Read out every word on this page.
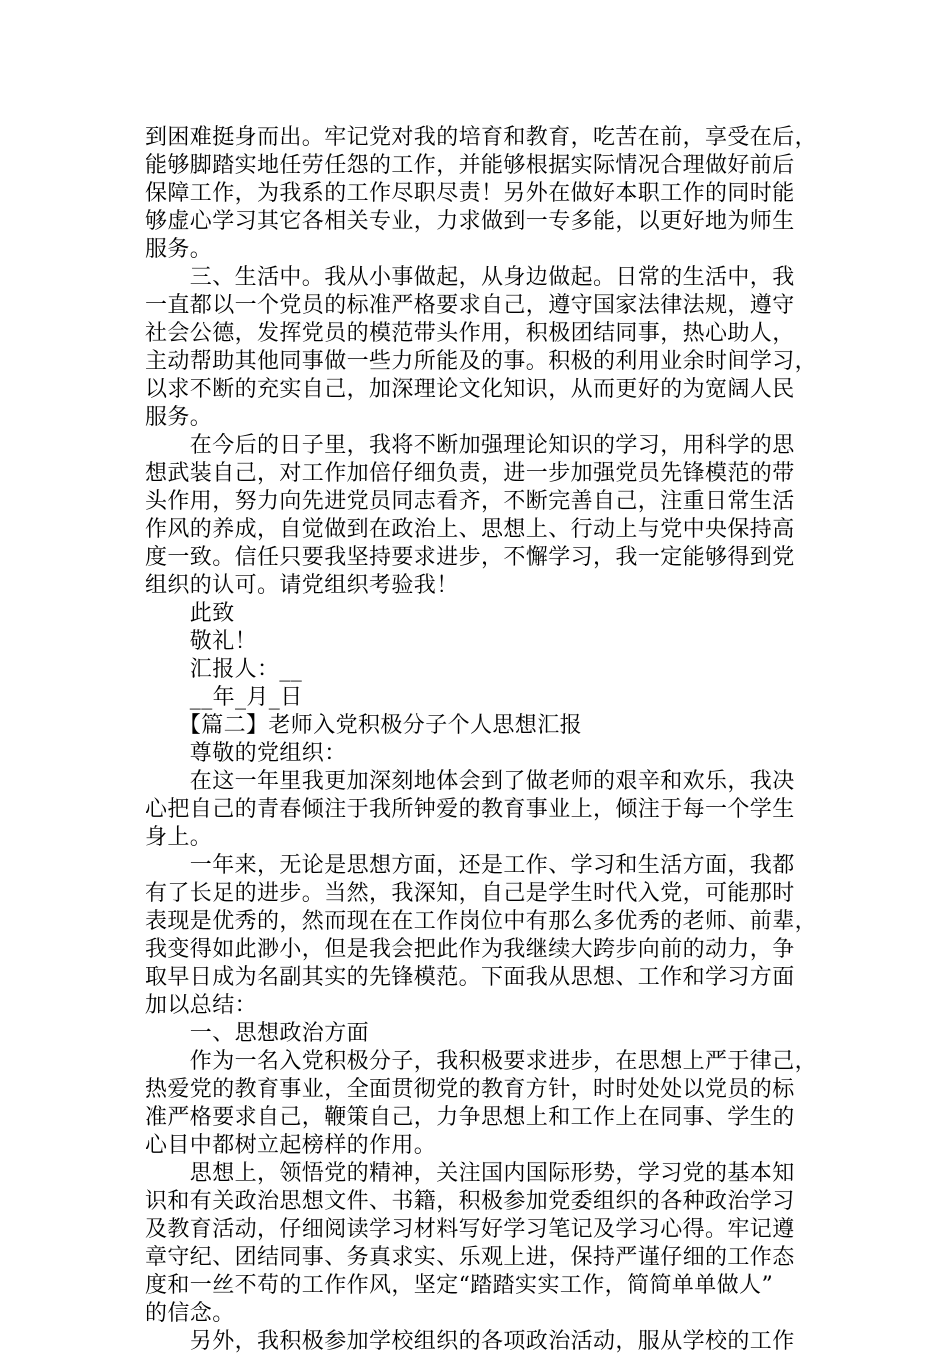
到困难挺身而出。牢记党对我的培育和教育，吃苦在前，享受在后，
能够脚踏实地任劳任怨的工作，并能够根据实际情况合理做好前后
保障工作，为我系的工作尽职尽责！另外在做好本职工作的同时能
够虚心学习其它各相关专业，力求做到一专多能，以更好地为师生
服务。
　　三、生活中。我从小事做起，从身边做起。日常的生活中，我
一直都以一个党员的标准严格要求自己，遵守国家法律法规，遵守
社会公德，发挥党员的模范带头作用，积极团结同事，热心助人，
主动帮助其他同事做一些力所能及的事。积极的利用业余时间学习，
以求不断的充实自己，加深理论文化知识，从而更好的为宽阔人民
服务。
　　在今后的日子里，我将不断加强理论知识的学习，用科学的思
想武装自己，对工作加倍仔细负责，进一步加强党员先锋模范的带
头作用，努力向先进党员同志看齐，不断完善自己，注重日常生活
作风的养成，自觉做到在政治上、思想上、行动上与党中央保持高
度一致。信任只要我坚持要求进步，不懈学习，我一定能够得到党
组织的认可。请党组织考验我！
　　此致
　　敬礼！
　　汇报人：__
　　__年_月_日
　　【篇二】老师入党积极分子个人思想汇报
　　尊敬的党组织：
　　在这一年里我更加深刻地体会到了做老师的艰辛和欢乐，我决
心把自己的青春倾注于我所钟爱的教育事业上，倾注于每一个学生
身上。
　　一年来，无论是思想方面，还是工作、学习和生活方面，我都
有了长足的进步。当然，我深知，自己是学生时代入党，可能那时
表现是优秀的，然而现在在工作岗位中有那么多优秀的老师、前辈，
我变得如此渺小，但是我会把此作为我继续大跨步向前的动力，争
取早日成为名副其实的先锋模范。下面我从思想、工作和学习方面
加以总结：
　　一、思想政治方面
　　作为一名入党积极分子，我积极要求进步，在思想上严于律己，
热爱党的教育事业，全面贯彻党的教育方针，时时处处以党员的标
准严格要求自己，鞭策自己，力争思想上和工作上在同事、学生的
心目中都树立起榜样的作用。
　　思想上，领悟党的精神，关注国内国际形势，学习党的基本知
识和有关政治思想文件、书籍，积极参加党委组织的各种政治学习
及教育活动，仔细阅读学习材料写好学习笔记及学习心得。牢记遵
章守纪、团结同事、务真求实、乐观上进，保持严谨仔细的工作态
度和一丝不苟的工作作风，坚定“踏踏实实工作，简简单单做人”
的信念。
　　另外，我积极参加学校组织的各项政治活动，服从学校的工作
